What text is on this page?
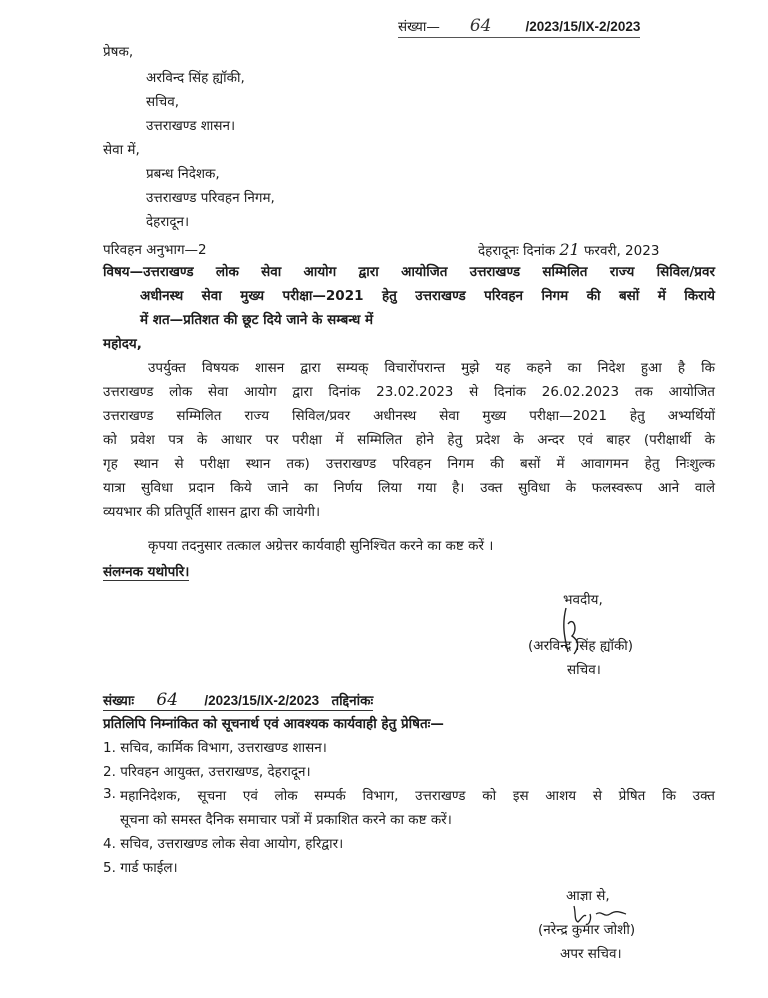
संख्या— 64	/2023/15/IX-2/2023
प्रेषक,
अरविन्द सिंह ह्यॉकी,
सचिव,
उत्तराखण्ड शासन।
सेवा में,
प्रबन्ध निदेशक,
उत्तराखण्ड परिवहन निगम,
देहरादून।
परिवहन अनुभाग—2	देहरादूनः दिनांक 21 फरवरी, 2023
विषय—उत्तराखण्ड लोक सेवा आयोग द्वारा आयोजित उत्तराखण्ड सम्मिलित राज्य सिविल/प्रवर
अधीनस्थ सेवा मुख्य परीक्षा—2021 हेतु उत्तराखण्ड परिवहन निगम की बसों में किराये
में शत—प्रतिशत की छूट दिये जाने के सम्बन्ध में
महोदय,
उपर्युक्त विषयक शासन द्वारा सम्यक् विचारोंपरान्त मुझे यह कहने का निदेश हुआ है कि
उत्तराखण्ड लोक सेवा आयोग द्वारा दिनांक 23.02.2023 से दिनांक 26.02.2023 तक आयोजित
उत्तराखण्ड सम्मिलित राज्य सिविल/प्रवर अधीनस्थ सेवा मुख्य परीक्षा—2021 हेतु अभ्यर्थियों
को प्रवेश पत्र के आधार पर परीक्षा में सम्मिलित होने हेतु प्रदेश के अन्दर एवं बाहर (परीक्षार्थी के
गृह स्थान से परीक्षा स्थान तक) उत्तराखण्ड परिवहन निगम की बसों में आवागमन हेतु निःशुल्क
यात्रा सुविधा प्रदान किये जाने का निर्णय लिया गया है। उक्त सुविधा के फलस्वरूप आने वाले
व्ययभार की प्रतिपूर्ति शासन द्वारा की जायेगी।
कृपया तदनुसार तत्काल अग्रेत्तर कार्यवाही सुनिश्चित करने का कष्ट करें ।
संलग्नक यथोपरि।
भवदीय,
(अरविन्द सिंह ह्यॉकी)
सचिव।
संख्याः 64 /2023/15/IX-2/2023 तद्दिनांकः
प्रतिलिपि निम्नांकित को सूचनार्थ एवं आवश्यक कार्यवाही हेतु प्रेषितः—
1. सचिव, कार्मिक विभाग, उत्तराखण्ड शासन।
2. परिवहन आयुक्त, उत्तराखण्ड, देहरादून।
3. महानिदेशक, सूचना एवं लोक सम्पर्क विभाग, उत्तराखण्ड को इस आशय से प्रेषित कि उक्त
सूचना को समस्त दैनिक समाचार पत्रों में प्रकाशित करने का कष्ट करें।
4. सचिव, उत्तराखण्ड लोक सेवा आयोग, हरिद्वार।
5. गार्ड फाईल।
आज्ञा से,
(नरेन्द्र कुमार जोशी)
अपर सचिव।
